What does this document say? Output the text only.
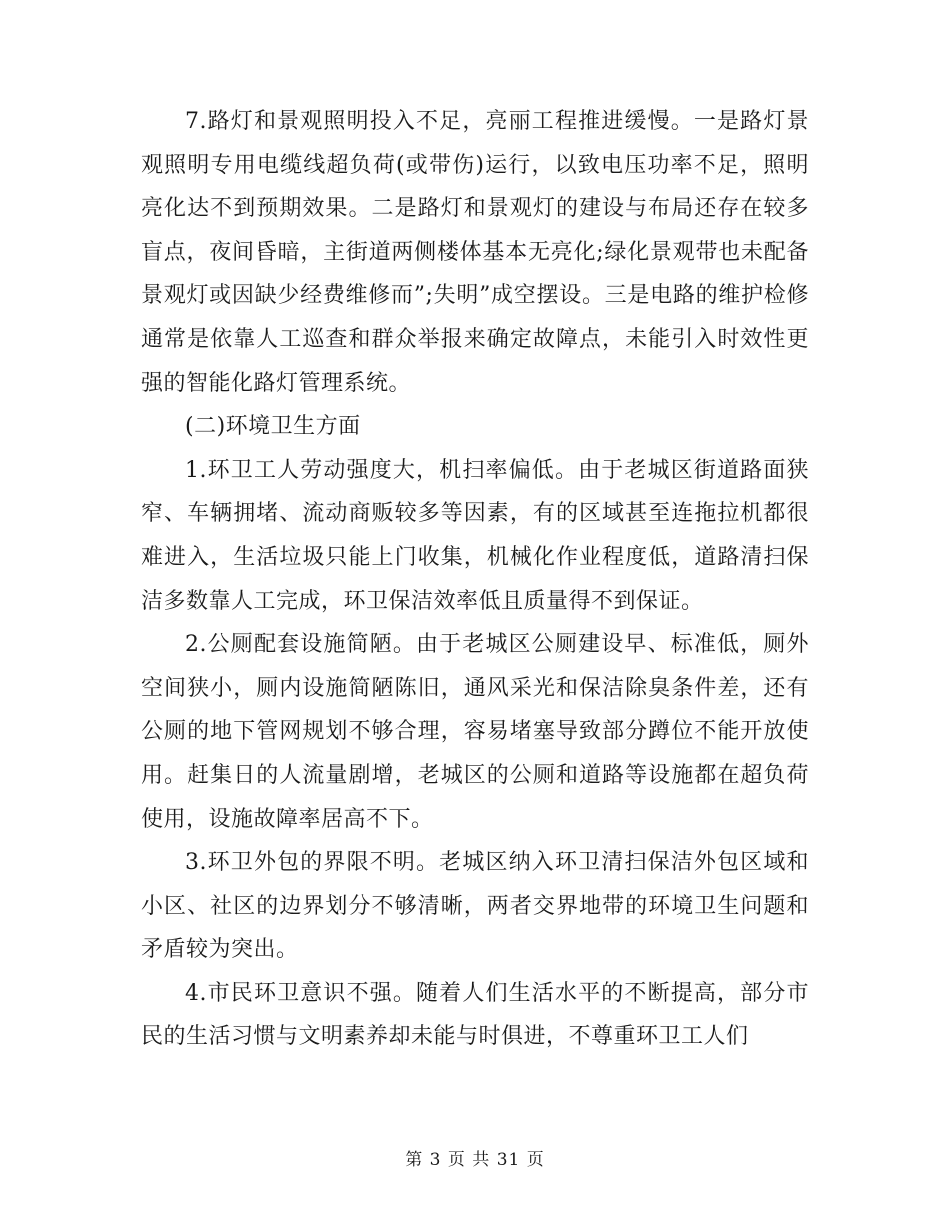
7.路灯和景观照明投入不足，亮丽工程推进缓慢。一是路灯景观照明专用电缆线超负荷(或带伤)运行，以致电压功率不足，照明亮化达不到预期效果。二是路灯和景观灯的建设与布局还存在较多盲点，夜间昏暗，主街道两侧楼体基本无亮化;绿化景观带也未配备景观灯或因缺少经费维修而”;失明”成空摆设。三是电路的维护检修通常是依靠人工巡查和群众举报来确定故障点，未能引入时效性更强的智能化路灯管理系统。

(二)环境卫生方面

1.环卫工人劳动强度大，机扫率偏低。由于老城区街道路面狭窄、车辆拥堵、流动商贩较多等因素，有的区域甚至连拖拉机都很难进入，生活垃圾只能上门收集，机械化作业程度低，道路清扫保洁多数靠人工完成，环卫保洁效率低且质量得不到保证。

2.公厕配套设施简陋。由于老城区公厕建设早、标准低，厕外空间狭小，厕内设施简陋陈旧，通风采光和保洁除臭条件差，还有公厕的地下管网规划不够合理，容易堵塞导致部分蹲位不能开放使用。赶集日的人流量剧增，老城区的公厕和道路等设施都在超负荷使用，设施故障率居高不下。

3.环卫外包的界限不明。老城区纳入环卫清扫保洁外包区域和小区、社区的边界划分不够清晰，两者交界地带的环境卫生问题和矛盾较为突出。

4.市民环卫意识不强。随着人们生活水平的不断提高，部分市民的生活习惯与文明素养却未能与时俱进，不尊重环卫工人们

第 3 页 共 31 页
